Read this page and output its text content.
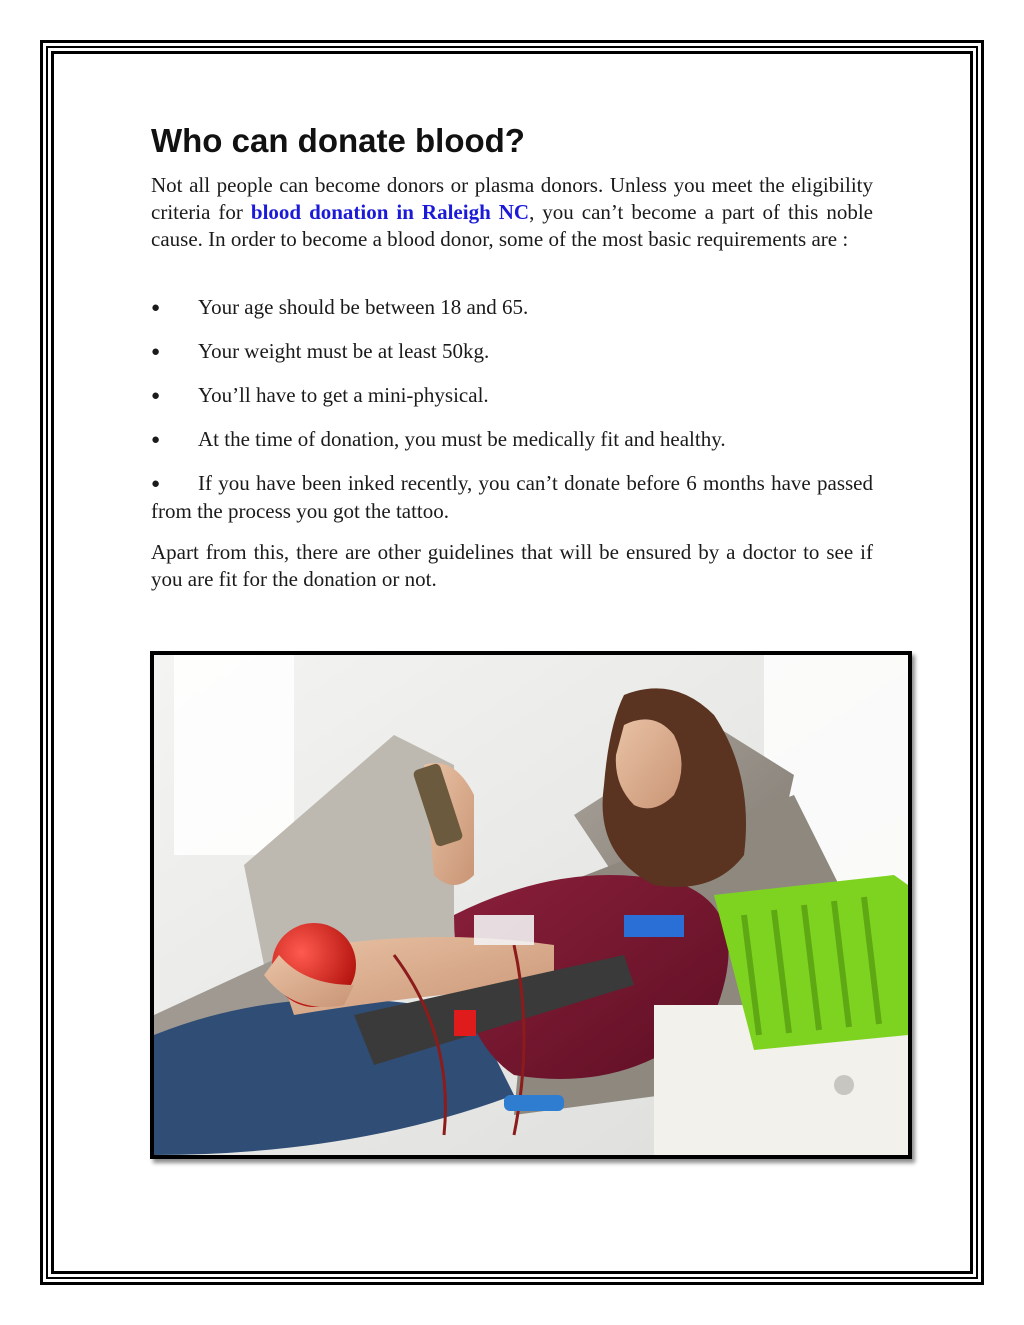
Who can donate blood?

Not all people can become donors or plasma donors. Unless you meet the eligibility criteria for blood donation in Raleigh NC, you can’t become a part of this noble cause. In order to become a blood donor, some of the most basic requirements are :

● Your age should be between 18 and 65.
● Your weight must be at least 50kg.
● You’ll have to get a mini-physical.
● At the time of donation, you must be medically fit and healthy.
● If you have been inked recently, you can’t donate before 6 months have passed from the process you got the tattoo.

Apart from this, there are other guidelines that will be ensured by a doctor to see if you are fit for the donation or not.
